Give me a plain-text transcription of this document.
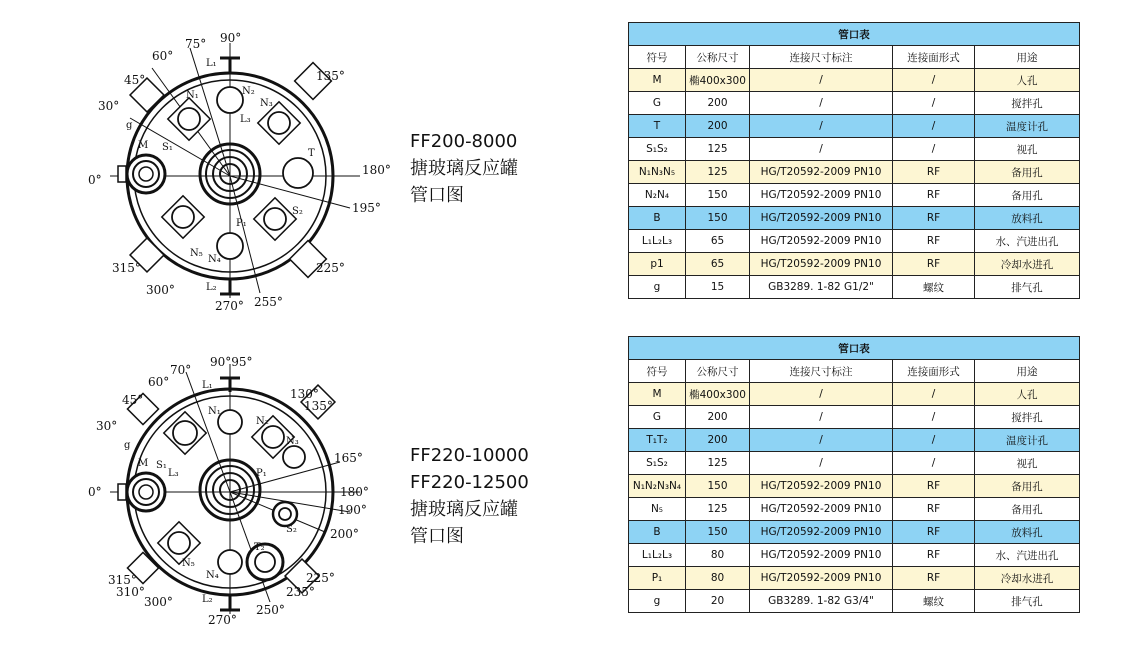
90°
75°
60°
45°
30°
0°
135°
180°
195°
225°
255°
270°
300°
315°
L₁
L₂
L₃
N₁	N₂
N₃
N₄
N₅
M S₁
S₂
T
P₁
g
FF200-8000
搪玻璃反应罐
管口图
90°95°
70°
60°
45°
30°
0°
130°
135°
165°
180°
190°
200°
225°
235°
250°
270°
300°
310°
315°
L₁
L₂
L₃
N₁
N₂
N₃
N₄
N₅
M S₁
S₂
T₂
P₁
g	FF220-10000
FF220-12500
搪玻璃反应罐
管口图
管口表				
符号	公称尺寸	连接尺寸标注	连接面形式	用途
M	椭400x300	/	/	人孔
G	200	/	/	搅拌孔
T	200	/	/	温度计孔
S₁S₂	125	/	/	视孔
N₁N₃N₅	125	HG/T20592-2009 PN10	RF	备用孔
N₂N₄	150	HG/T20592-2009 PN10	RF	备用孔
B	150	HG/T20592-2009 PN10	RF	放料孔
L₁L₂L₃	65	HG/T20592-2009 PN10	RF	水、汽进出孔
p1	65	HG/T20592-2009 PN10	RF	冷却水进孔
g	15	GB3289. 1-82 G1/2"	螺纹	排气孔
管口表				
符号	公称尺寸	连接尺寸标注	连接面形式	用途
M	椭400x300	/	/	人孔
G	200	/	/	搅拌孔
T₁T₂	200	/	/	温度计孔
S₁S₂	125	/	/	视孔
N₁N₂N₃N₄	150	HG/T20592-2009 PN10	RF	备用孔
N₅	125	HG/T20592-2009 PN10	RF	备用孔
B	150	HG/T20592-2009 PN10	RF	放料孔
L₁L₂L₃	80	HG/T20592-2009 PN10	RF	水、汽进出孔
P₁	80	HG/T20592-2009 PN10	RF	冷却水进孔
g	20	GB3289. 1-82 G3/4"	螺纹	排气孔
